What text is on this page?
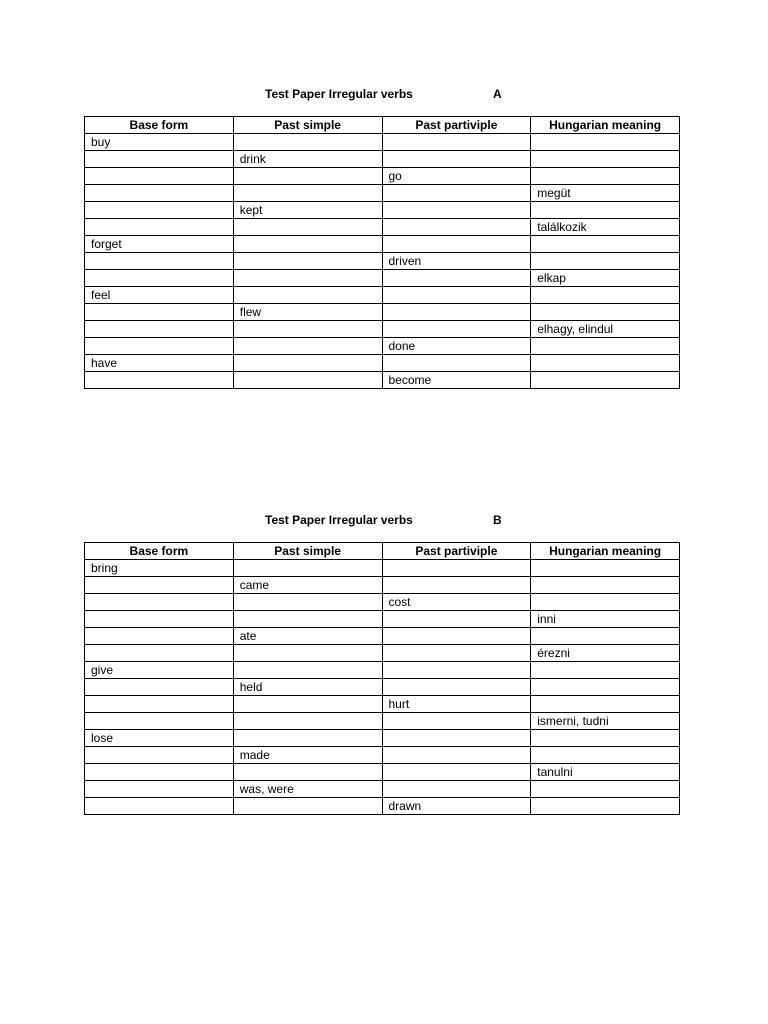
Test Paper Irregular verbs	A
Base form	Past simple	Past partiviple	Hungarian meaning
buy			
	drink		
		go	
			megüt
	kept		
			találkozik
forget			
		driven	
			elkap
feel			
	flew		
			elhagy, elindul
		done	
have			
		become	
Test Paper Irregular verbs	B
Base form	Past simple	Past partiviple	Hungarian meaning
bring			
	came		
		cost	
			inni
	ate		
			érezni
give			
	held		
		hurt	
			ismerni, tudni
lose			
	made		
			tanulni
	was, were		
		drawn	
